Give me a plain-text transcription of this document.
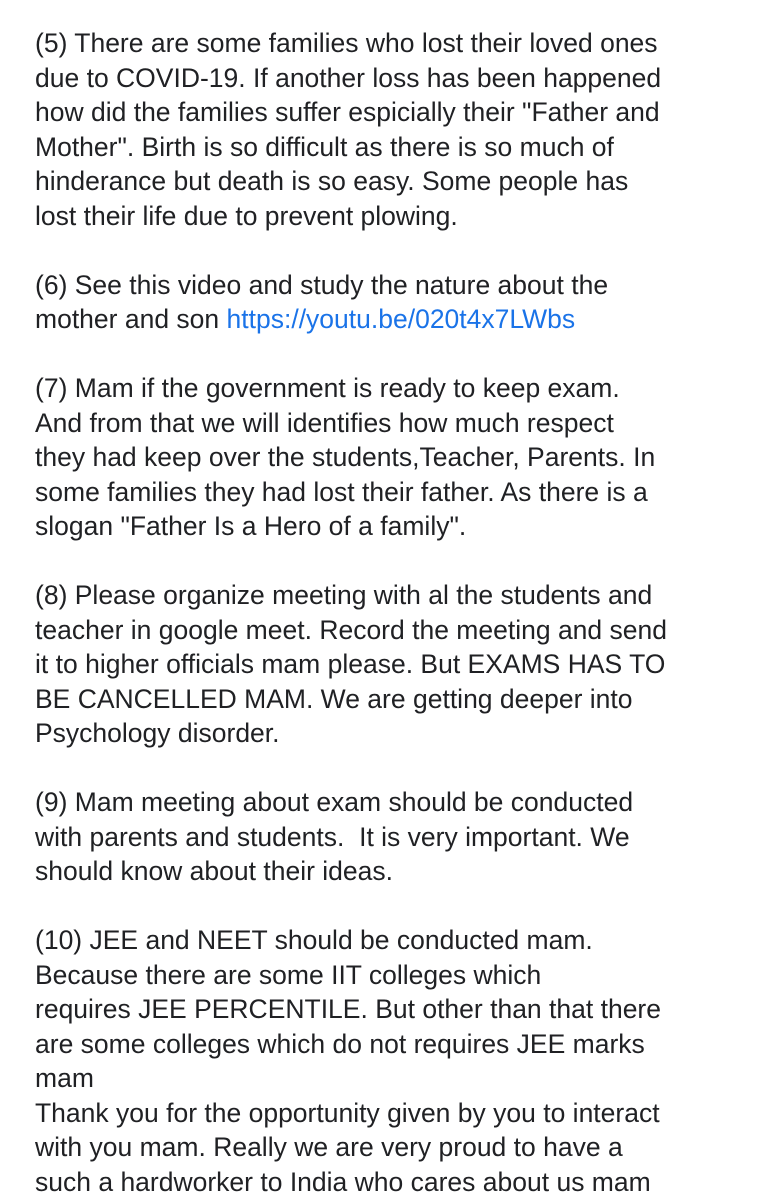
(5) There are some families who lost their loved ones
due to COVID-19. If another loss has been happened
how did the families suffer espicially their "Father and
Mother". Birth is so difficult as there is so much of
hinderance but death is so easy. Some people has
lost their life due to prevent plowing.
(6) See this video and study the nature about the
mother and son https://youtu.be/020t4x7LWbs
(7) Mam if the government is ready to keep exam.
And from that we will identifies how much respect
they had keep over the students,Teacher, Parents. In
some families they had lost their father. As there is a
slogan "Father Is a Hero of a family".
(8) Please organize meeting with al the students and
teacher in google meet. Record the meeting and send
it to higher officials mam please. But EXAMS HAS TO
BE CANCELLED MAM. We are getting deeper into
Psychology disorder.
(9) Mam meeting about exam should be conducted
with parents and students.  It is very important. We
should know about their ideas.
(10) JEE and NEET should be conducted mam.
Because there are some IIT colleges which
requires JEE PERCENTILE. But other than that there
are some colleges which do not requires JEE marks
mam
Thank you for the opportunity given by you to interact
with you mam. Really we are very proud to have a
such a hardworker to India who cares about us mam
